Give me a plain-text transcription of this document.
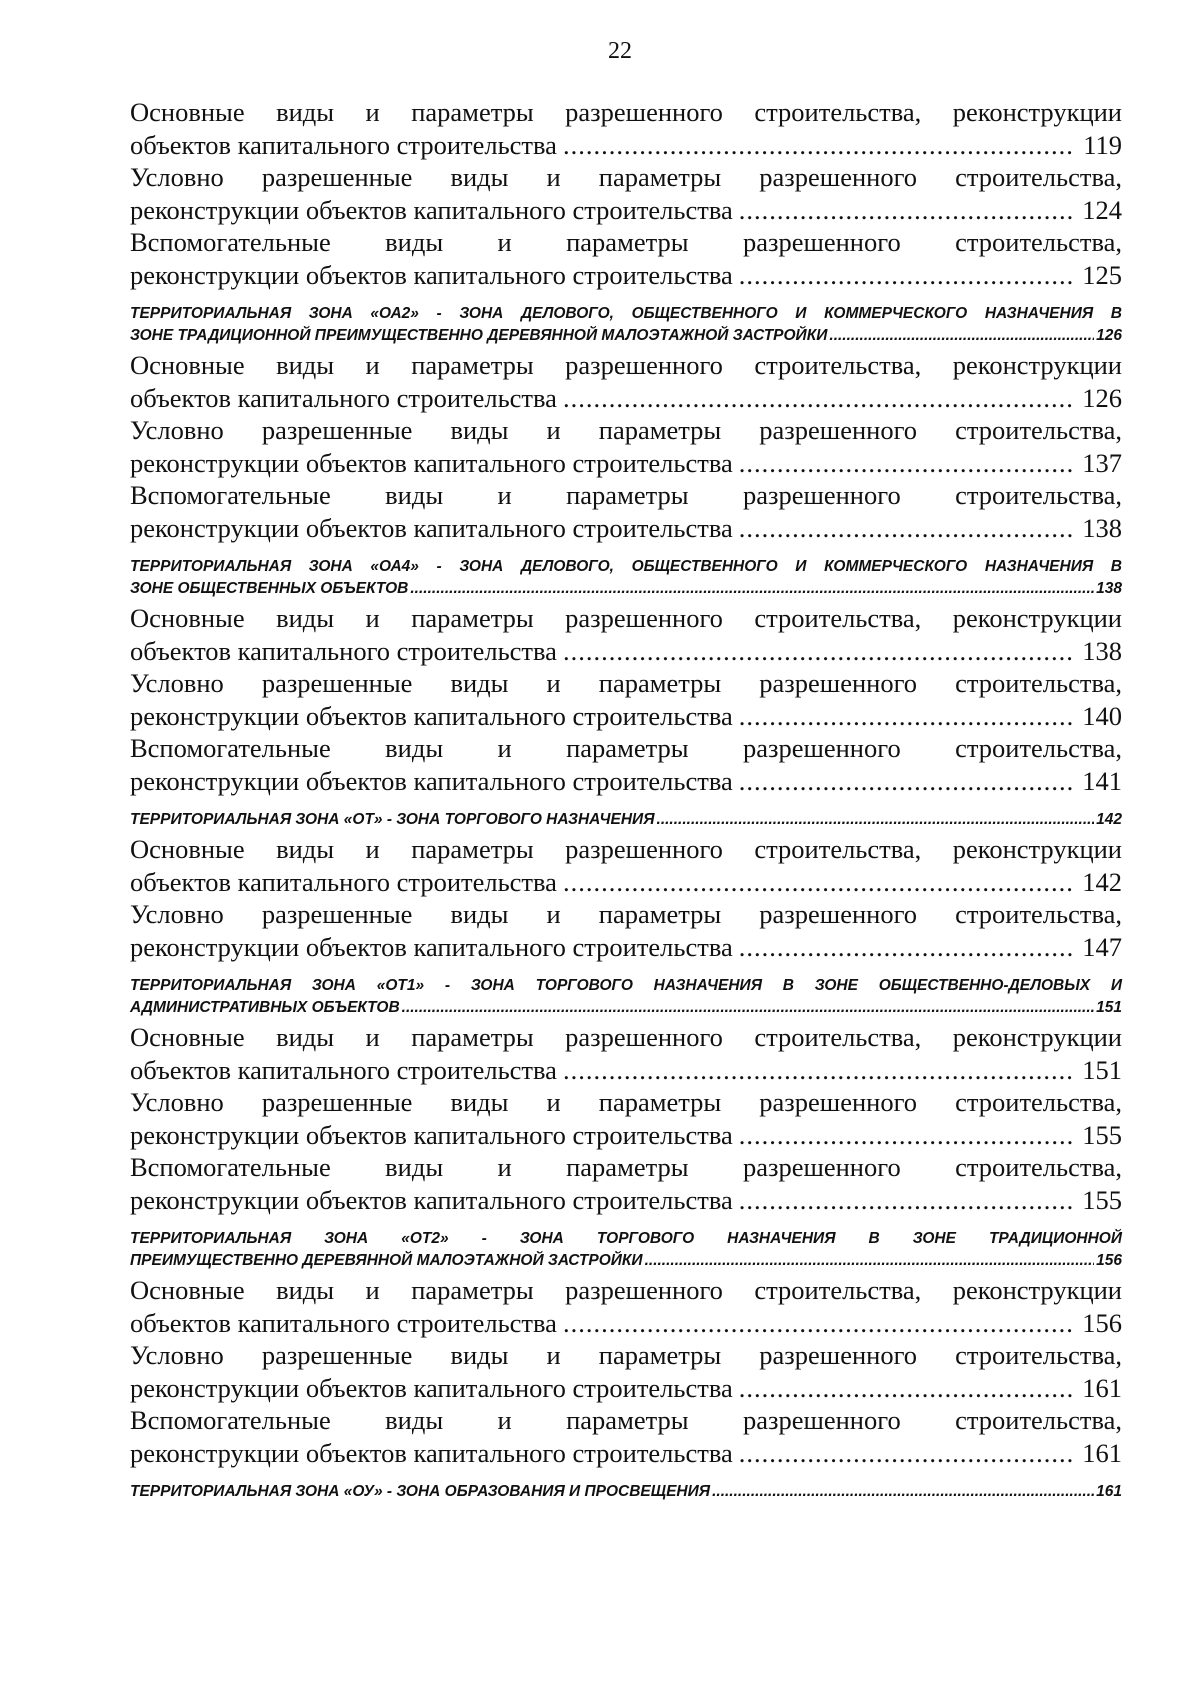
22
Основные виды и параметры разрешенного строительства, реконструкции
объектов капитального строительства .....	119
Условно разрешенные виды и параметры разрешенного строительства,
реконструкции объектов капитального строительства .....	124
Вспомогательные виды и параметры разрешенного строительства,
реконструкции объектов капитального строительства .....	125
ТЕРРИТОРИАЛЬНАЯ ЗОНА «ОА2» - ЗОНА ДЕЛОВОГО, ОБЩЕСТВЕННОГО И КОММЕРЧЕСКОГО НАЗНАЧЕНИЯ В
ЗОНЕ ТРАДИЦИОННОЙ ПРЕИМУЩЕСТВЕННО ДЕРЕВЯННОЙ МАЛОЭТАЖНОЙ ЗАСТРОЙКИ .....	126
Основные виды и параметры разрешенного строительства, реконструкции
объектов капитального строительства .....	126
Условно разрешенные виды и параметры разрешенного строительства,
реконструкции объектов капитального строительства .....	137
Вспомогательные виды и параметры разрешенного строительства,
реконструкции объектов капитального строительства .....	138
ТЕРРИТОРИАЛЬНАЯ ЗОНА «ОА4» - ЗОНА ДЕЛОВОГО, ОБЩЕСТВЕННОГО И КОММЕРЧЕСКОГО НАЗНАЧЕНИЯ В
ЗОНЕ ОБЩЕСТВЕННЫХ ОБЪЕКТОВ .....	138
Основные виды и параметры разрешенного строительства, реконструкции
объектов капитального строительства .....	138
Условно разрешенные виды и параметры разрешенного строительства,
реконструкции объектов капитального строительства .....	140
Вспомогательные виды и параметры разрешенного строительства,
реконструкции объектов капитального строительства .....	141
ТЕРРИТОРИАЛЬНАЯ ЗОНА «ОТ» - ЗОНА ТОРГОВОГО НАЗНАЧЕНИЯ .....	142
Основные виды и параметры разрешенного строительства, реконструкции
объектов капитального строительства .....	142
Условно разрешенные виды и параметры разрешенного строительства,
реконструкции объектов капитального строительства .....	147
ТЕРРИТОРИАЛЬНАЯ ЗОНА «ОТ1» - ЗОНА ТОРГОВОГО НАЗНАЧЕНИЯ В ЗОНЕ ОБЩЕСТВЕННО-ДЕЛОВЫХ И
АДМИНИСТРАТИВНЫХ ОБЪЕКТОВ .....	151
Основные виды и параметры разрешенного строительства, реконструкции
объектов капитального строительства .....	151
Условно разрешенные виды и параметры разрешенного строительства,
реконструкции объектов капитального строительства .....	155
Вспомогательные виды и параметры разрешенного строительства,
реконструкции объектов капитального строительства .....	155
ТЕРРИТОРИАЛЬНАЯ ЗОНА «ОТ2» - ЗОНА ТОРГОВОГО НАЗНАЧЕНИЯ В ЗОНЕ ТРАДИЦИОННОЙ
ПРЕИМУЩЕСТВЕННО ДЕРЕВЯННОЙ МАЛОЭТАЖНОЙ ЗАСТРОЙКИ .....	156
Основные виды и параметры разрешенного строительства, реконструкции
объектов капитального строительства .....	156
Условно разрешенные виды и параметры разрешенного строительства,
реконструкции объектов капитального строительства .....	161
Вспомогательные виды и параметры разрешенного строительства,
реконструкции объектов капитального строительства .....	161
ТЕРРИТОРИАЛЬНАЯ ЗОНА «ОУ» - ЗОНА ОБРАЗОВАНИЯ И ПРОСВЕЩЕНИЯ .....	161
